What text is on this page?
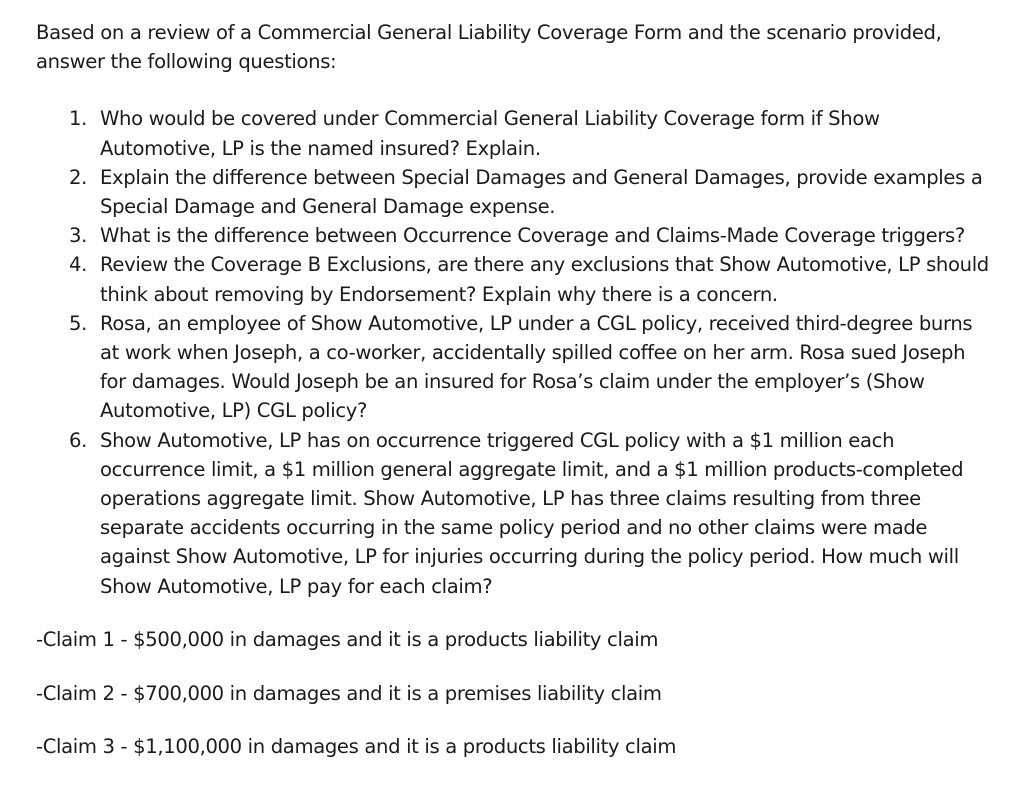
Based on a review of a Commercial General Liability Coverage Form and the scenario provided, answer the following questions:

1. Who would be covered under Commercial General Liability Coverage form if Show Automotive, LP is the named insured? Explain.
2. Explain the difference between Special Damages and General Damages, provide examples a Special Damage and General Damage expense.
3. What is the difference between Occurrence Coverage and Claims-Made Coverage triggers?
4. Review the Coverage B Exclusions, are there any exclusions that Show Automotive, LP should think about removing by Endorsement? Explain why there is a concern.
5. Rosa, an employee of Show Automotive, LP under a CGL policy, received third-degree burns at work when Joseph, a co-worker, accidentally spilled coffee on her arm. Rosa sued Joseph for damages. Would Joseph be an insured for Rosa’s claim under the employer’s (Show Automotive, LP) CGL policy?
6. Show Automotive, LP has on occurrence triggered CGL policy with a $1 million each occurrence limit, a $1 million general aggregate limit, and a $1 million products-completed operations aggregate limit. Show Automotive, LP has three claims resulting from three separate accidents occurring in the same policy period and no other claims were made against Show Automotive, LP for injuries occurring during the policy period. How much will Show Automotive, LP pay for each claim?

-Claim 1 - $500,000 in damages and it is a products liability claim

-Claim 2 - $700,000 in damages and it is a premises liability claim

-Claim 3 - $1,100,000 in damages and it is a products liability claim
